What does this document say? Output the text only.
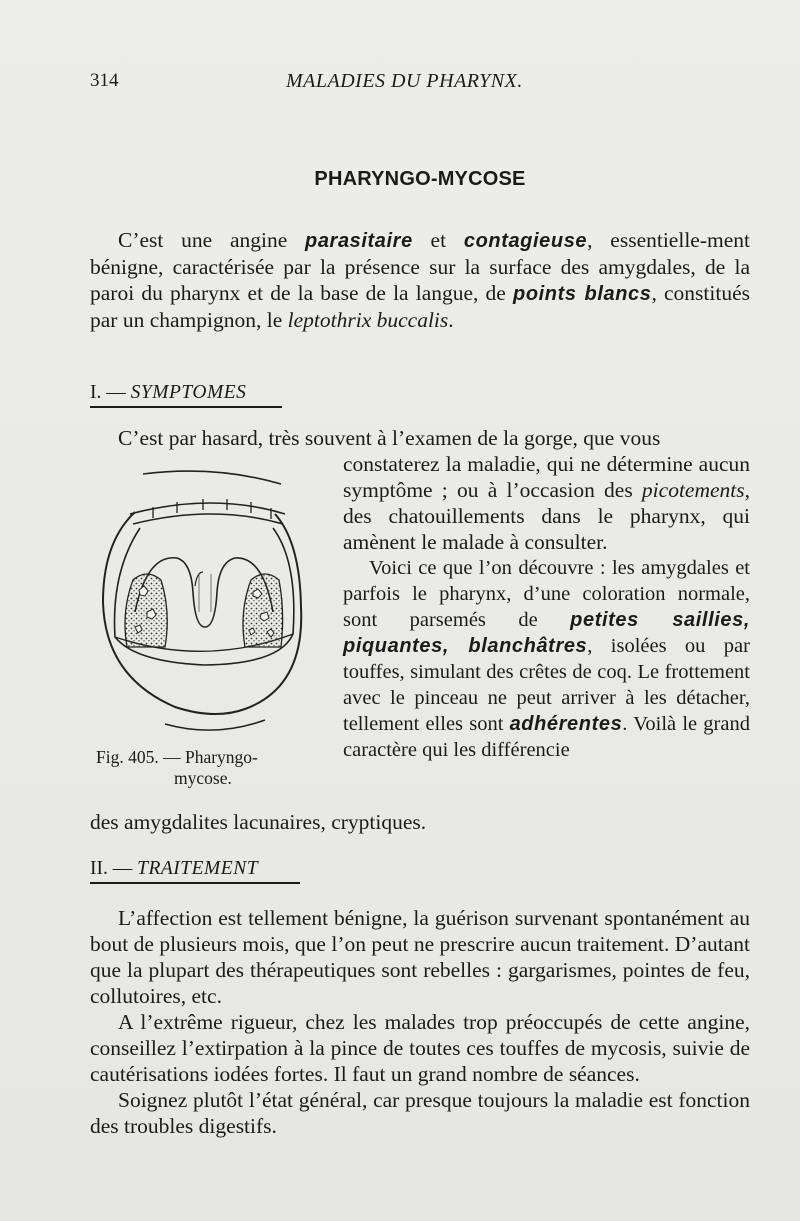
314	MALADIES DU PHARYNX.
PHARYNGO-MYCOSE

C’est une angine parasitaire et contagieuse, essentielle-ment bénigne, caractérisée par la présence sur la surface des amygdales, de la paroi du pharynx et de la base de la langue, de points blancs, constitués par un champignon, le leptothrix buccalis.

I. — SYMPTOMES

C’est par hasard, très souvent à l’examen de la gorge, que vous

constaterez la maladie, qui ne détermine aucun symptôme ; ou à l’occasion des picotements, des chatouillements dans le pharynx, qui amènent le malade à consulter.

Voici ce que l’on découvre : les amygdales et parfois le pharynx, d’une coloration normale, sont parsemés de petites saillies, piquantes, blanchâtres, isolées ou par touffes, simulant des crêtes de coq. Le frottement avec le pinceau ne peut arriver à les détacher, tellement elles sont adhérentes. Voilà le grand caractère qui les différencie

des amygdalites lacunaires, cryptiques.

Fig. 405. — Pharyngo-
mycose.
II. — TRAITEMENT

L’affection est tellement bénigne, la guérison survenant spontanément au bout de plusieurs mois, que l’on peut ne prescrire aucun traitement. D’autant que la plupart des thérapeutiques sont rebelles : gargarismes, pointes de feu, collutoires, etc.

A l’extrême rigueur, chez les malades trop préoccupés de cette angine, conseillez l’extirpation à la pince de toutes ces touffes de mycosis, suivie de cautérisations iodées fortes. Il faut un grand nombre de séances.

Soignez plutôt l’état général, car presque toujours la maladie est fonction des troubles digestifs.
